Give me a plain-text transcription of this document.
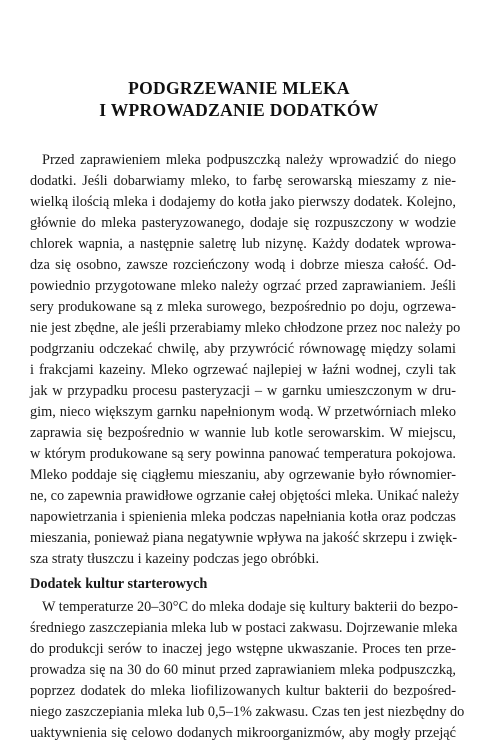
PODGRZEWANIE MLEKA
I WPROWADZANIE DODATKÓW
Przed zaprawieniem mleka podpuszczką należy wprowadzić do niego
dodatki. Jeśli dobarwiamy mleko, to farbę serowarską mieszamy z nie-
wielką ilością mleka i dodajemy do kotła jako pierwszy dodatek. Kolejno,
głównie do mleka pasteryzowanego, dodaje się rozpuszczony w wodzie
chlorek wapnia, a następnie saletrę lub nizynę. Każdy dodatek wprowa-
dza się osobno, zawsze rozcieńczony wodą i dobrze miesza całość. Od-
powiednio przygotowane mleko należy ogrzać przed zaprawianiem. Jeśli
sery produkowane są z mleka surowego, bezpośrednio po doju, ogrzewa-
nie jest zbędne, ale jeśli przerabiamy mleko chłodzone przez noc należy po
podgrzaniu odczekać chwilę, aby przywrócić równowagę między solami
i frakcjami kazeiny. Mleko ogrzewać najlepiej w łaźni wodnej, czyli tak
jak w przypadku procesu pasteryzacji – w garnku umieszczonym w dru-
gim, nieco większym garnku napełnionym wodą. W przetwórniach mleko
zaprawia się bezpośrednio w wannie lub kotle serowarskim. W miejscu,
w którym produkowane są sery powinna panować temperatura pokojowa.
Mleko poddaje się ciągłemu mieszaniu, aby ogrzewanie było równomier-
ne, co zapewnia prawidłowe ogrzanie całej objętości mleka. Unikać należy
napowietrzania i spienienia mleka podczas napełniania kotła oraz podczas
mieszania, ponieważ piana negatywnie wpływa na jakość skrzepu i zwięk-
sza straty tłuszczu i kazeiny podczas jego obróbki.
Dodatek kultur starterowych
W temperaturze 20–30°C do mleka dodaje się kultury bakterii do bezpo-
średniego zaszczepiania mleka lub w postaci zakwasu. Dojrzewanie mleka
do produkcji serów to inaczej jego wstępne ukwaszanie. Proces ten prze-
prowadza się na 30 do 60 minut przed zaprawianiem mleka podpuszczką,
poprzez dodatek do mleka liofilizowanych kultur bakterii do bezpośred-
niego zaszczepiania mleka lub 0,5–1% zakwasu. Czas ten jest niezbędny do
uaktywnienia się celowo dodanych mikroorganizmów, aby mogły przejąć
